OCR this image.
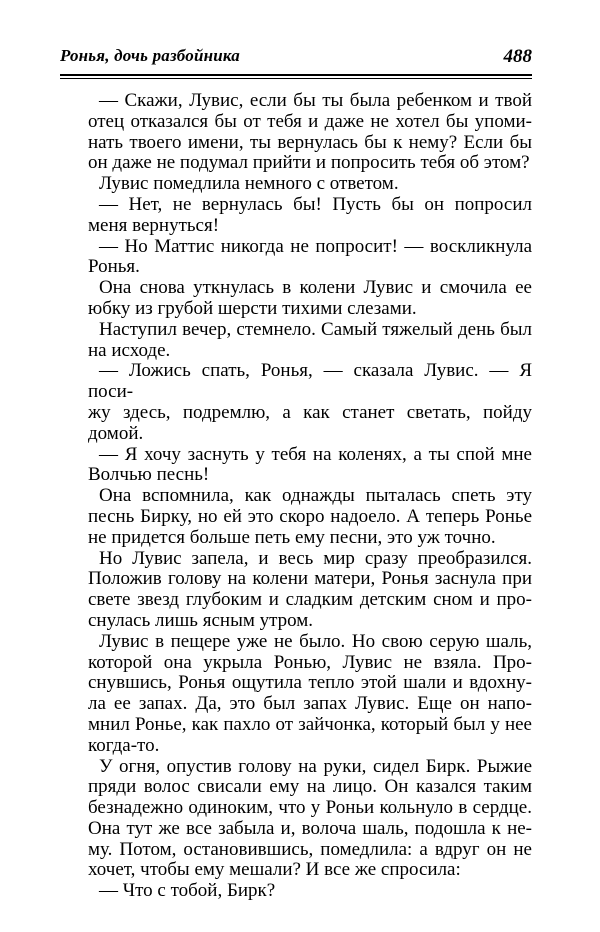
Ронья, дочь разбойника	488

— Скажи, Лувис, если бы ты была ребенком и твой
отец отказался бы от тебя и даже не хотел бы упоми-
нать твоего имени, ты вернулась бы к нему? Если бы
он даже не подумал прийти и попросить тебя об этом?

Лувис помедлила немного с ответом.

— Нет, не вернулась бы! Пусть бы он попросил
меня вернуться!

— Но Маттис никогда не попросит! — воскликнула
Ронья.

Она снова уткнулась в колени Лувис и смочила ее
юбку из грубой шерсти тихими слезами.

Наступил вечер, стемнело. Самый тяжелый день был
на исходе.

— Ложись спать, Ронья, — сказала Лувис. — Я поси-
жу здесь, подремлю, а как станет светать, пойду домой.

— Я хочу заснуть у тебя на коленях, а ты спой мне
Волчью песнь!

Она вспомнила, как однажды пыталась спеть эту
песнь Бирку, но ей это скоро надоело. А теперь Ронье
не придется больше петь ему песни, это уж точно.

Но Лувис запела, и весь мир сразу преобразился.
Положив голову на колени матери, Ронья заснула при
свете звезд глубоким и сладким детским сном и про-
снулась лишь ясным утром.

Лувис в пещере уже не было. Но свою серую шаль,
которой она укрыла Ронью, Лувис не взяла. Про-
снувшись, Ронья ощутила тепло этой шали и вдохну-
ла ее запах. Да, это был запах Лувис. Еще он напо-
мнил Ронье, как пахло от зайчонка, который был у нее
когда-то.

У огня, опустив голову на руки, сидел Бирк. Рыжие
пряди волос свисали ему на лицо. Он казался таким
безнадежно одиноким, что у Роньи кольнуло в сердце.
Она тут же все забыла и, волоча шаль, подошла к не-
му. Потом, остановившись, помедлила: а вдруг он не
хочет, чтобы ему мешали? И все же спросила:

— Что с тобой, Бирк?
